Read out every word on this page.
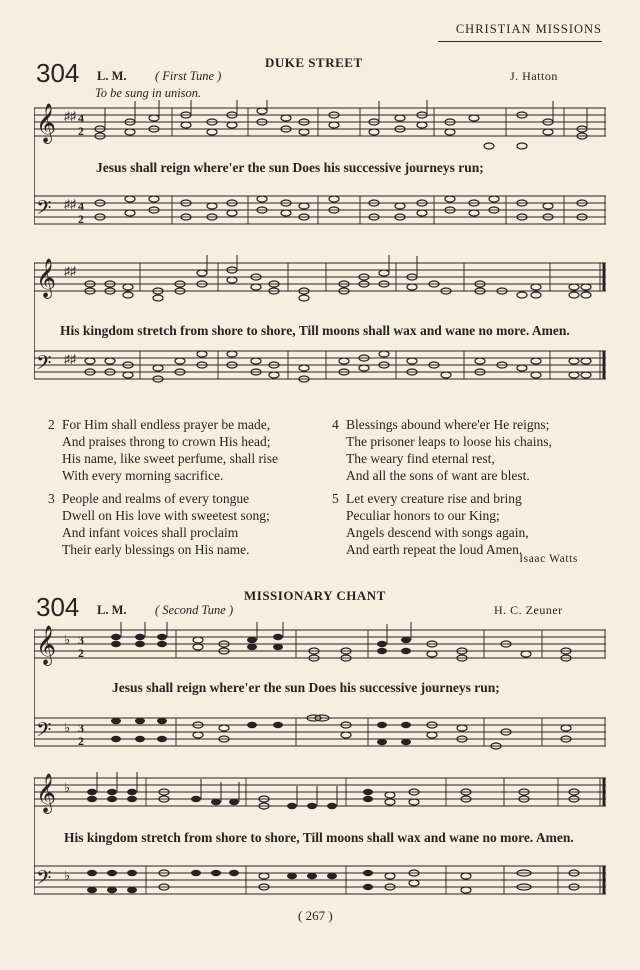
CHRISTIAN MISSIONS
304 L. M. ( First Tune )
DUKE STREET
J. Hatton
To be sung in unison.
𝄞
𝄢
♯♯
♯♯
4
2
4
2
Jesus shall reign where'er the sun Does his successive journeys run;
𝄞
𝄢
♯♯
♯♯
His kingdom stretch from shore to shore, Till moons shall wax and wane no more. Amen.
2 For Him shall endless prayer be made,
And praises throng to crown His head;
His name, like sweet perfume, shall rise
With every morning sacrifice.
3 People and realms of every tongue
Dwell on His love with sweetest song;
And infant voices shall proclaim
Their early blessings on His name.
4 Blessings abound where'er He reigns;
The prisoner leaps to loose his chains,
The weary find eternal rest,
And all the sons of want are blest.
5 Let every creature rise and bring
Peculiar honors to our King;
Angels descend with songs again,
And earth repeat the loud Amen.
Isaac Watts
MISSIONARY CHANT
304 L. M. ( Second Tune )	H. C. Zeuner
𝄞
𝄢
♭
♭
3
2
3
2
Jesus shall reign where'er the sun Does his successive journeys run;
𝄞
𝄢
♭
♭
His kingdom stretch from shore to shore, Till moons shall wax and wane no more. Amen.
( 267 )
